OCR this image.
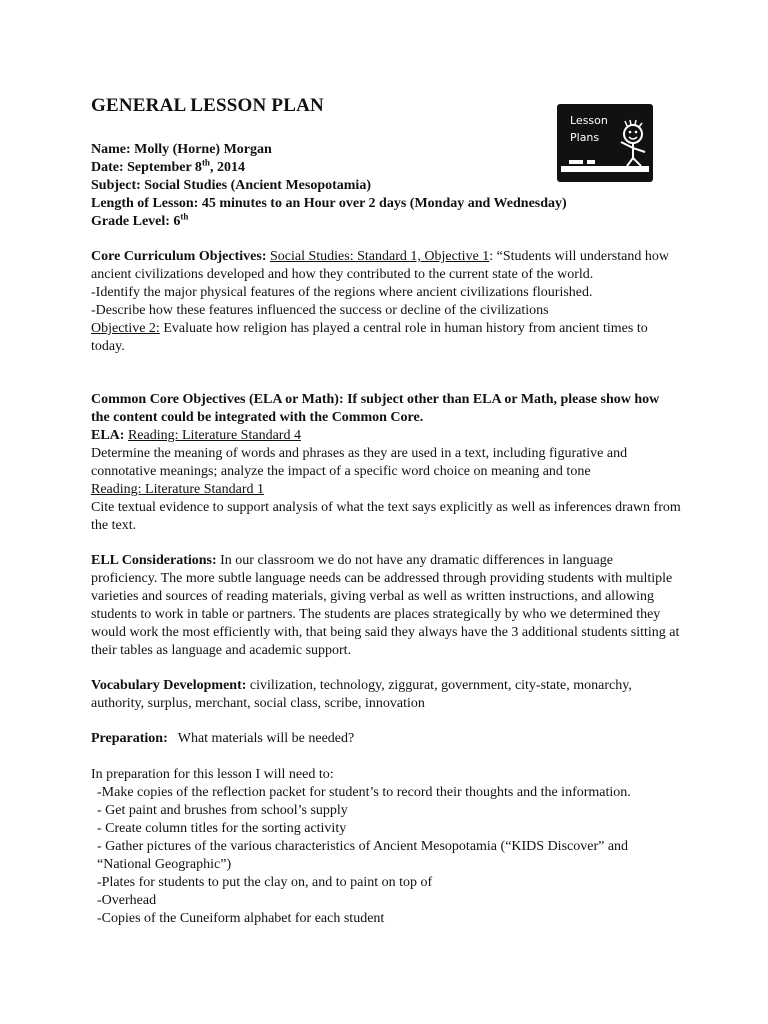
GENERAL LESSON PLAN
Lesson
Plans
Name: Molly (Horne) Morgan
Date: September 8th, 2014
Subject: Social Studies (Ancient Mesopotamia)
Length of Lesson: 45 minutes to an Hour over 2 days (Monday and Wednesday)
Grade Level: 6th
Core Curriculum Objectives: Social Studies: Standard 1, Objective 1: “Students will understand how ancient civilizations developed and how they contributed to the current state of the world.
-Identify the major physical features of the regions where ancient civilizations flourished.
-Describe how these features influenced the success or decline of the civilizations
Objective 2: Evaluate how religion has played a central role in human history from ancient times to today.
Common Core Objectives (ELA or Math): If subject other than ELA or Math, please show how the content could be integrated with the Common Core.
ELA: Reading: Literature Standard 4
Determine the meaning of words and phrases as they are used in a text, including figurative and connotative meanings; analyze the impact of a specific word choice on meaning and tone
Reading: Literature Standard 1
Cite textual evidence to support analysis of what the text says explicitly as well as inferences drawn from the text.
ELL Considerations: In our classroom we do not have any dramatic differences in language proficiency. The more subtle language needs can be addressed through providing students with multiple varieties and sources of reading materials, giving verbal as well as written instructions, and allowing students to work in table or partners. The students are places strategically by who we determined they would work the most efficiently with, that being said they always have the 3 additional students sitting at their tables as language and academic support.
Vocabulary Development: civilization, technology, ziggurat, government, city-state, monarchy, authority, surplus, merchant, social class, scribe, innovation
Preparation: What materials will be needed?
In preparation for this lesson I will need to:
-Make copies of the reflection packet for student’s to record their thoughts and the information.
- Get paint and brushes from school’s supply
- Create column titles for the sorting activity
- Gather pictures of the various characteristics of Ancient Mesopotamia (“KIDS Discover” and “National Geographic”)
-Plates for students to put the clay on, and to paint on top of
-Overhead
-Copies of the Cuneiform alphabet for each student
